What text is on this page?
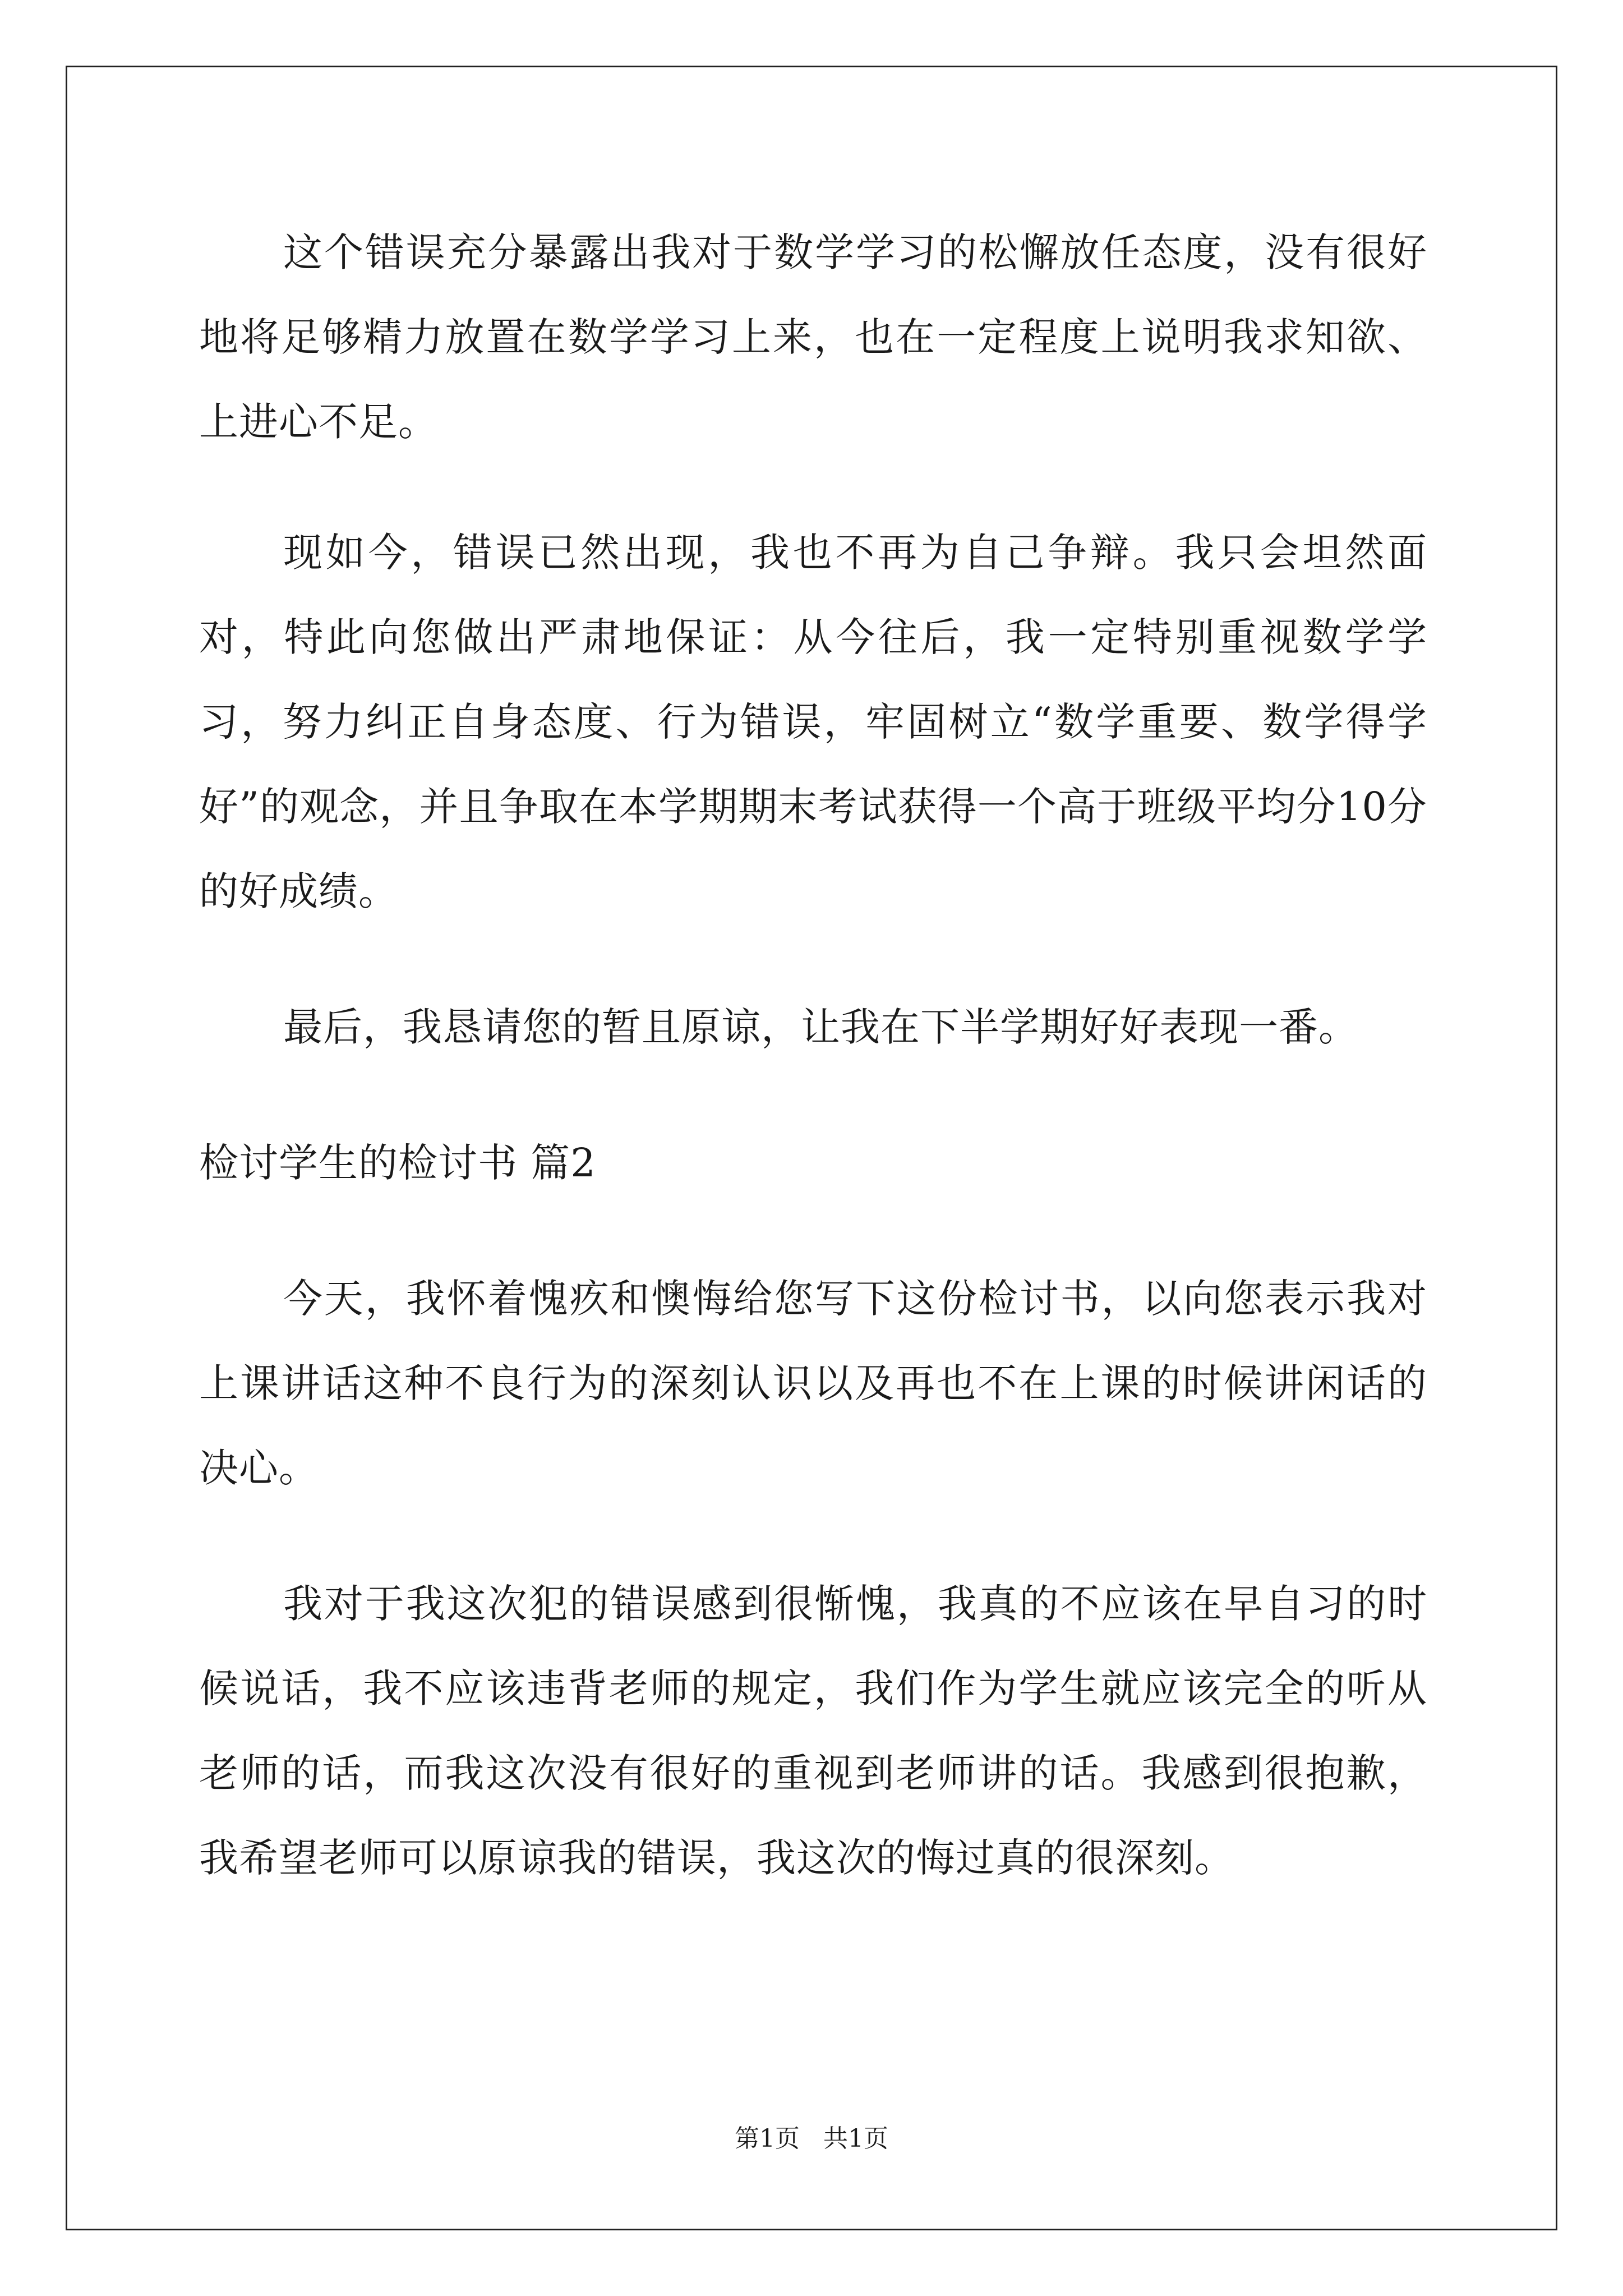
这个错误充分暴露出我对于数学学习的松懈放任态度，没有很好地将足够精力放置在数学学习上来，也在一定程度上说明我求知欲、上进心不足。

现如今，错误已然出现，我也不再为自己争辩。我只会坦然面对，特此向您做出严肃地保证：从今往后，我一定特别重视数学学习，努力纠正自身态度、行为错误，牢固树立“数学重要、数学得学好”的观念，并且争取在本学期期末考试获得一个高于班级平均分10分的好成绩。

最后，我恳请您的暂且原谅，让我在下半学期好好表现一番。

检讨学生的检讨书 篇2

今天，我怀着愧疚和懊悔给您写下这份检讨书，以向您表示我对上课讲话这种不良行为的深刻认识以及再也不在上课的时候讲闲话的决心。

我对于我这次犯的错误感到很惭愧，我真的不应该在早自习的时候说话，我不应该违背老师的规定，我们作为学生就应该完全的听从老师的话，而我这次没有很好的重视到老师讲的话。我感到很抱歉，我希望老师可以原谅我的错误，我这次的悔过真的很深刻。

第1页 共1页
